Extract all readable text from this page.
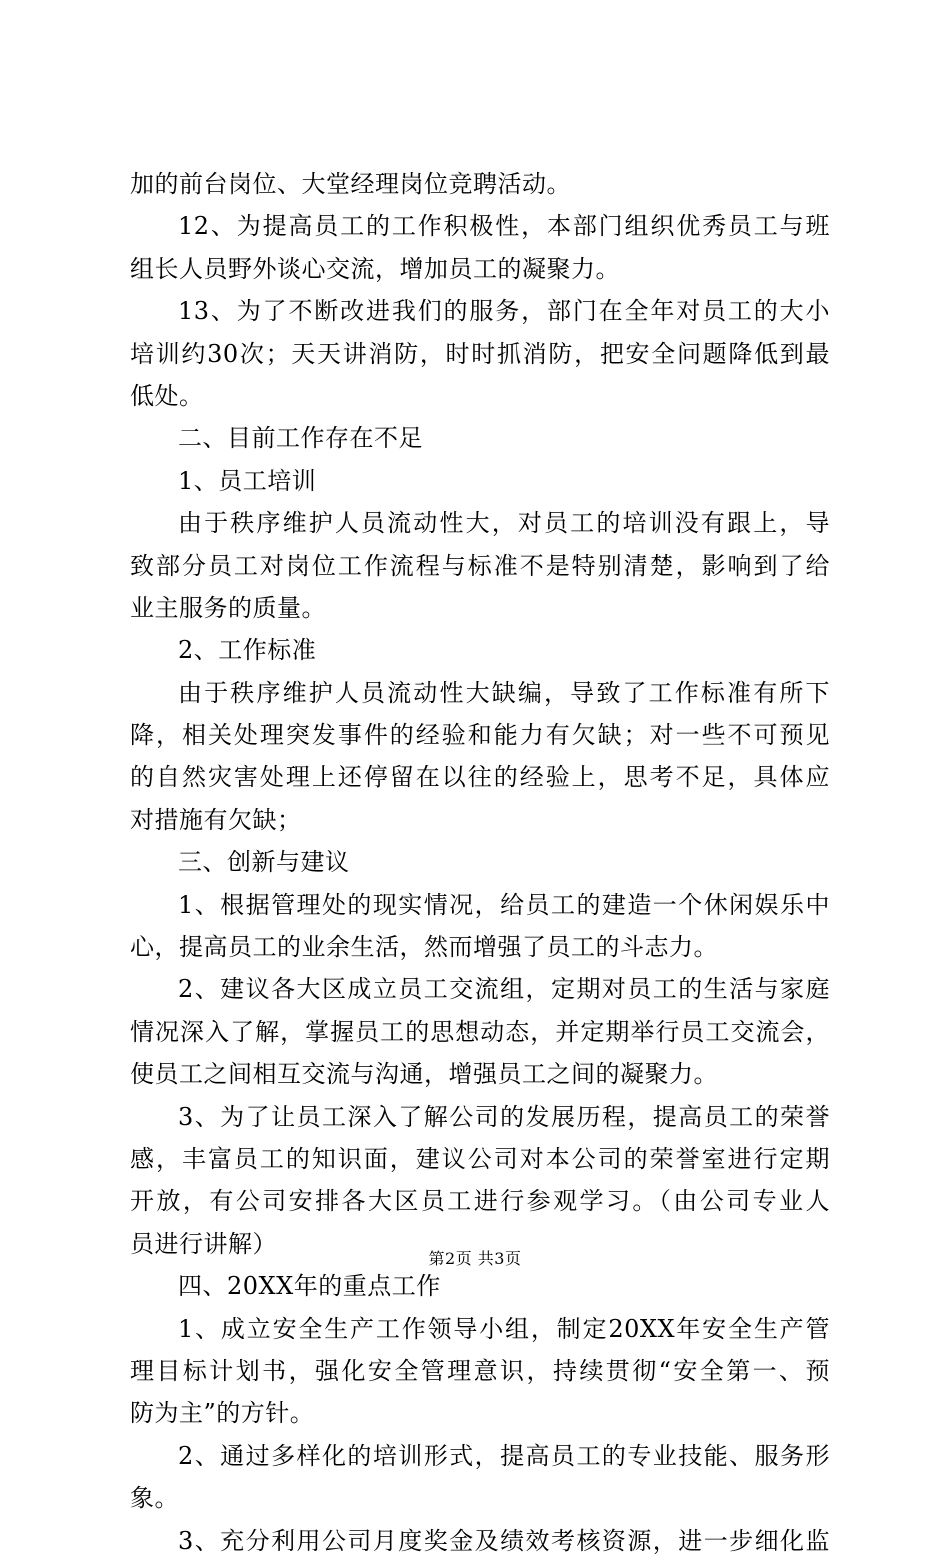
加的前台岗位、大堂经理岗位竞聘活动。
12、为提高员工的工作积极性，本部门组织优秀员工与班
组长人员野外谈心交流，增加员工的凝聚力。
13、为了不断改进我们的服务，部门在全年对员工的大小
培训约30次；天天讲消防，时时抓消防，把安全问题降低到最
低处。
二、目前工作存在不足
1、员工培训
由于秩序维护人员流动性大，对员工的培训没有跟上，导
致部分员工对岗位工作流程与标准不是特别清楚，影响到了给
业主服务的质量。
2、工作标准
由于秩序维护人员流动性大缺编，导致了工作标准有所下
降，相关处理突发事件的经验和能力有欠缺；对一些不可预见
的自然灾害处理上还停留在以往的经验上，思考不足，具体应
对措施有欠缺；
三、创新与建议
1、根据管理处的现实情况，给员工的建造一个休闲娱乐中
心，提高员工的业余生活，然而增强了员工的斗志力。
2、建议各大区成立员工交流组，定期对员工的生活与家庭
情况深入了解，掌握员工的思想动态，并定期举行员工交流会，
使员工之间相互交流与沟通，增强员工之间的凝聚力。
3、为了让员工深入了解公司的发展历程，提高员工的荣誉
感，丰富员工的知识面，建议公司对本公司的荣誉室进行定期
开放，有公司安排各大区员工进行参观学习。（由公司专业人
员进行讲解）
四、20XX年的重点工作
1、成立安全生产工作领导小组，制定20XX年安全生产管
理目标计划书，强化安全管理意识，持续贯彻“安全第一、预
防为主”的方针。
2、通过多样化的培训形式，提高员工的专业技能、服务形
象。
3、充分利用公司月度奖金及绩效考核资源，进一步细化监
第2页 共3页
